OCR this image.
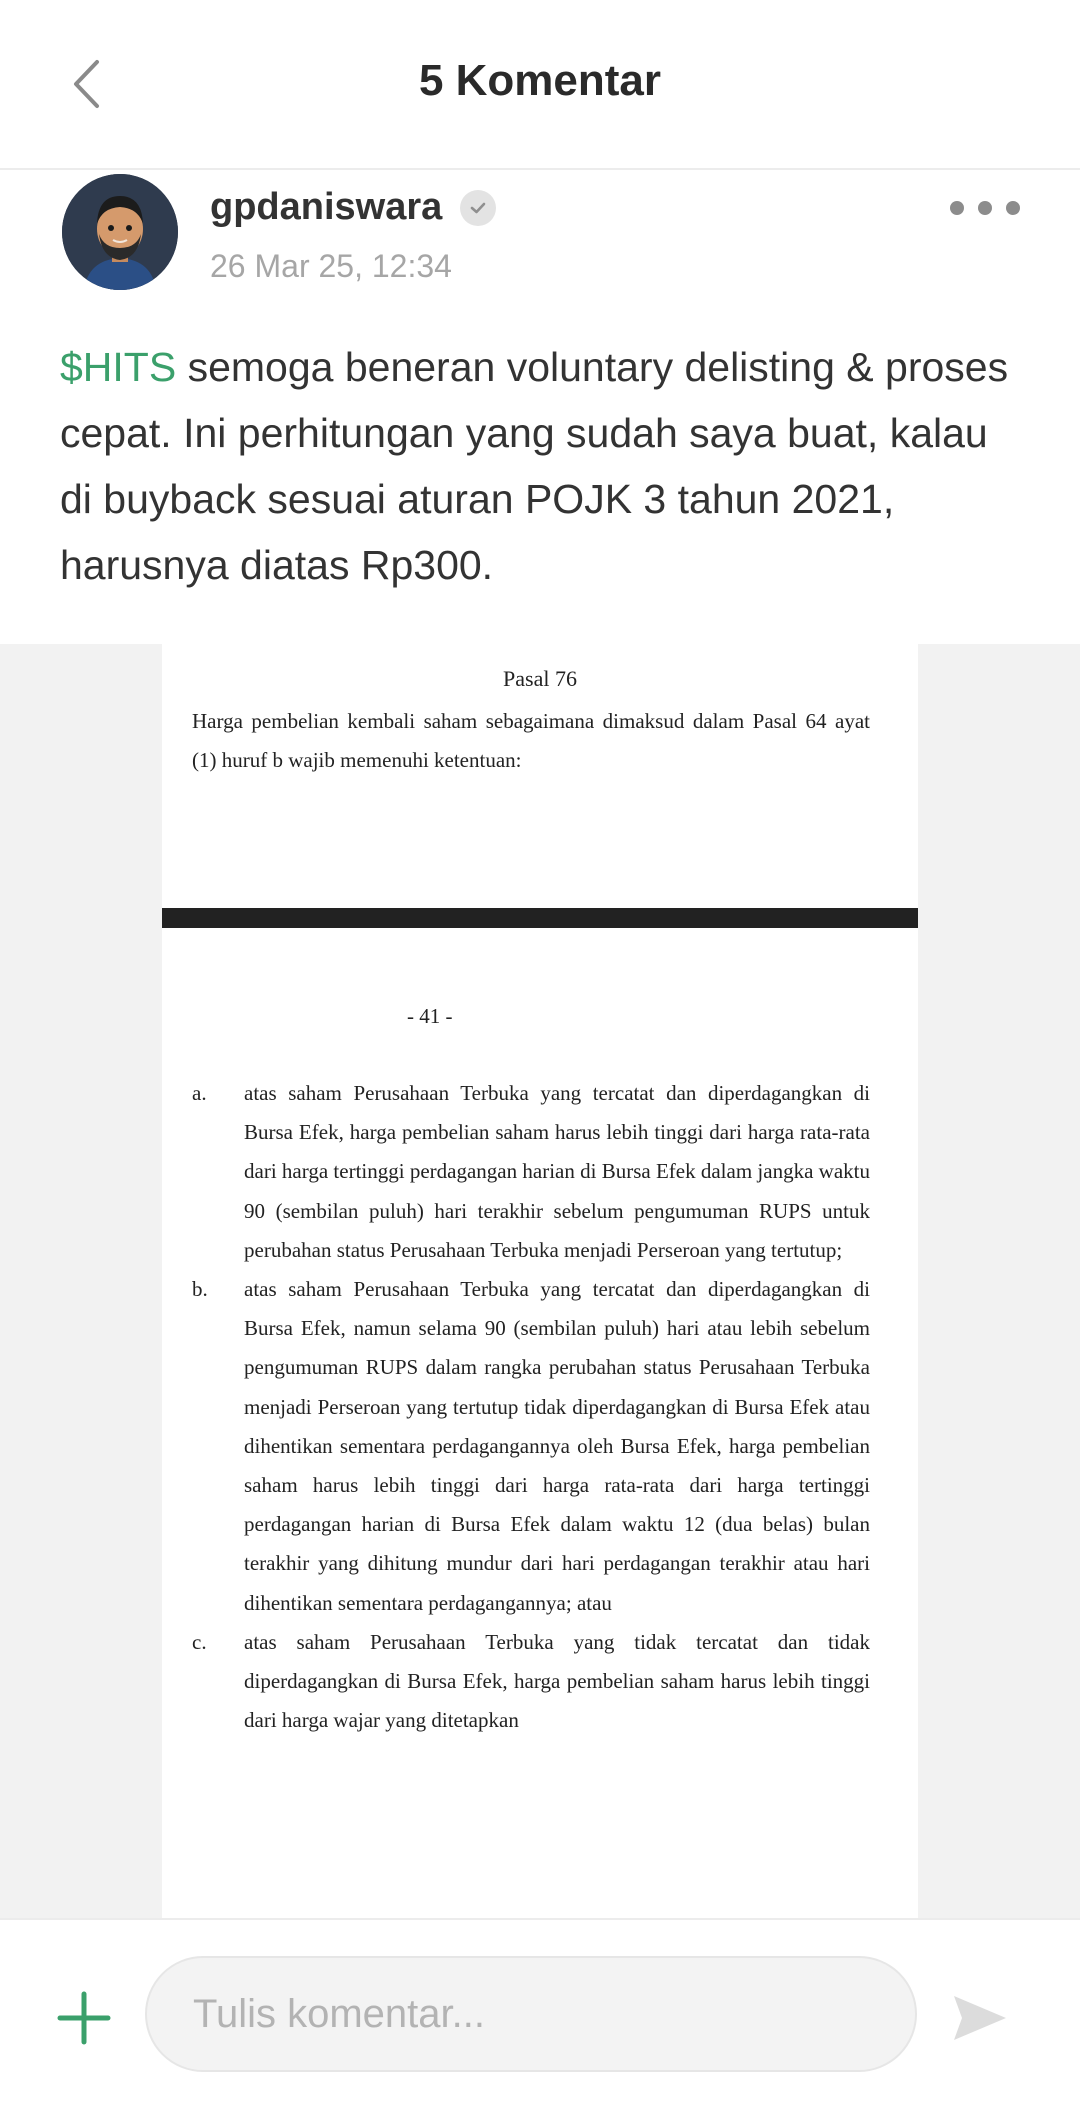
5 Komentar
gpdaniswara
26 Mar 25, 12:34
$HITS semoga beneran voluntary delisting & proses cepat. Ini perhitungan yang sudah saya buat, kalau di buyback sesuai aturan POJK 3 tahun 2021, harusnya diatas Rp300.
Pasal 76
Harga pembelian kembali saham sebagaimana dimaksud dalam Pasal 64 ayat (1) huruf b wajib memenuhi ketentuan:
- 41 -
a.	atas saham Perusahaan Terbuka yang tercatat dan diperdagangkan di Bursa Efek, harga pembelian saham harus lebih tinggi dari harga rata-rata dari harga tertinggi perdagangan harian di Bursa Efek dalam jangka waktu 90 (sembilan puluh) hari terakhir sebelum pengumuman RUPS untuk perubahan status Perusahaan Terbuka menjadi Perseroan yang tertutup;
b.	atas saham Perusahaan Terbuka yang tercatat dan diperdagangkan di Bursa Efek, namun selama 90 (sembilan puluh) hari atau lebih sebelum pengumuman RUPS dalam rangka perubahan status Perusahaan Terbuka menjadi Perseroan yang tertutup tidak diperdagangkan di Bursa Efek atau dihentikan sementara perdagangannya oleh Bursa Efek, harga pembelian saham harus lebih tinggi dari harga rata-rata dari harga tertinggi perdagangan harian di Bursa Efek dalam waktu 12 (dua belas) bulan terakhir yang dihitung mundur dari hari perdagangan terakhir atau hari dihentikan sementara perdagangannya; atau
c.	atas saham Perusahaan Terbuka yang tidak tercatat dan tidak diperdagangkan di Bursa Efek, harga pembelian saham harus lebih tinggi dari harga wajar yang ditetapkan
Tulis komentar...
